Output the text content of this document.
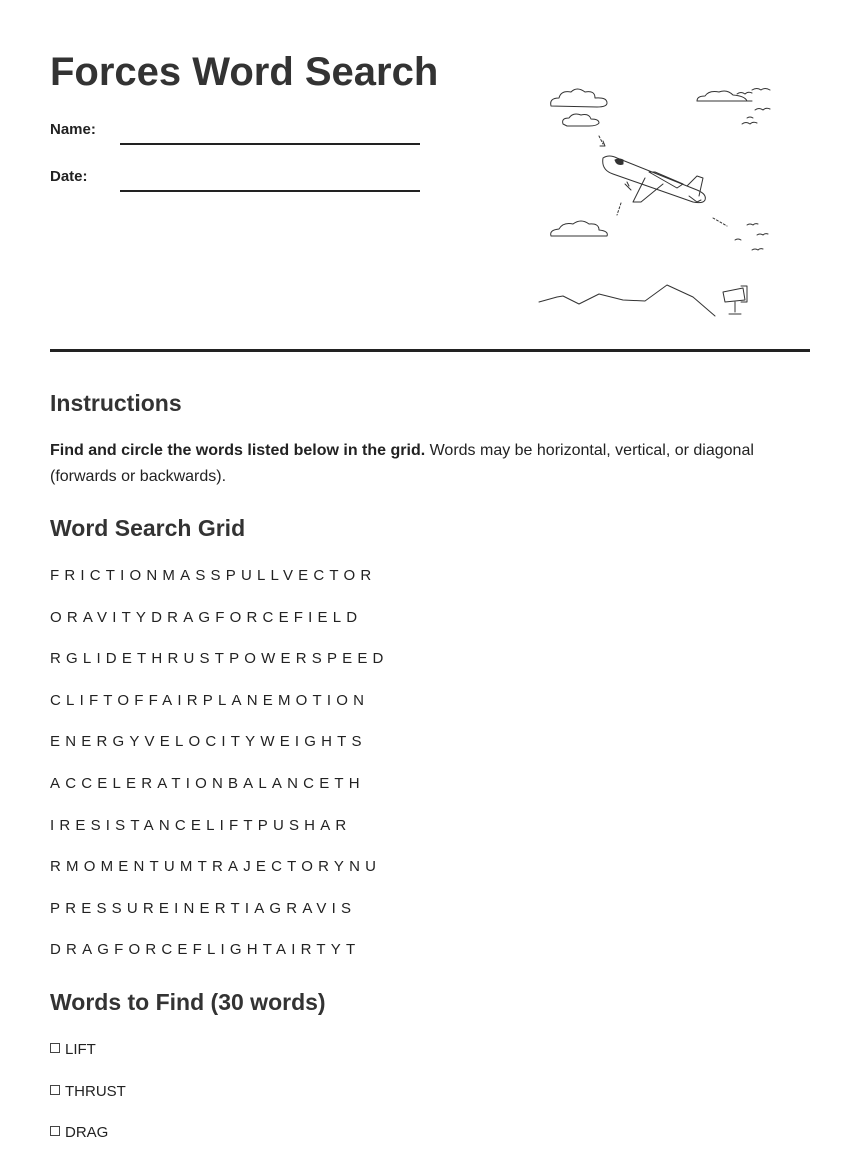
Forces Word Search
Name:
Date:
Instructions
Find and circle the words listed below in the grid. Words may be horizontal, vertical, or diagonal (forwards or backwards).
Word Search Grid
FRICTIONMASSPULLVECTOR
ORAVITYDRAGFORCEFIELD
RGLIDETHRUSTPOWERSPEED
CLIFTOFFAIRPLANEMOTION
ENERGYVELOCITYWEIGHTS
ACCELERATIONBALANCETH
IRESISTANCELIFTPUSHAR
RMOMENTUMTRAJECTORYNU
PRESSUREINERTIAGRAVIS
DRAGFORCEFLIGHTAIRTYT
Words to Find (30 words)
LIFT
THRUST
DRAG
